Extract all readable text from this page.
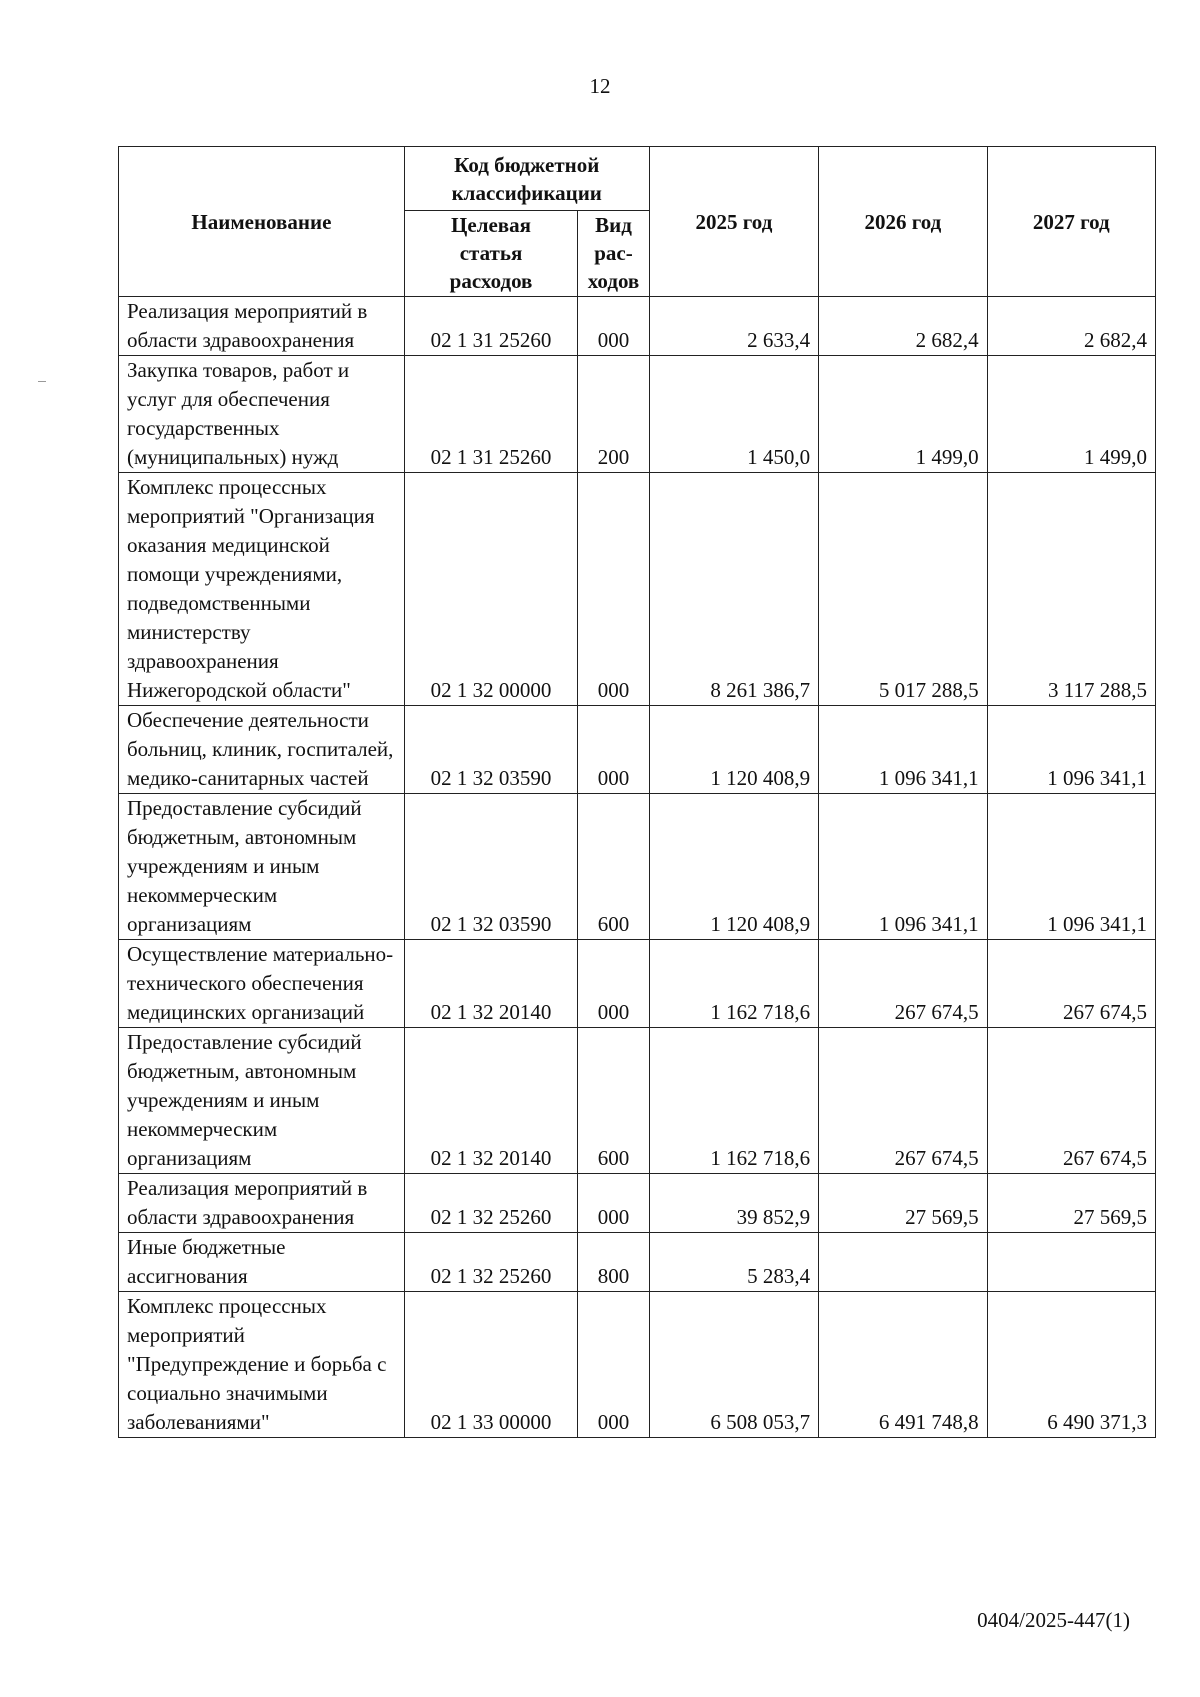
12
Наименование	Код бюджетной классификации		2025 год	2026 год	2027 год
	Целевая статья расходов	Вид рас-ходов			
Реализация мероприятий в области здравоохранения	02 1 31 25260	000	2 633,4	2 682,4	2 682,4
Закупка товаров, работ и услуг для обеспечения государственных (муниципальных) нужд	02 1 31 25260	200	1 450,0	1 499,0	1 499,0
Комплекс процессных мероприятий "Организация оказания медицинской помощи учреждениями, подведомственными министерству здравоохранения Нижегородской области"	02 1 32 00000	000	8 261 386,7	5 017 288,5	3 117 288,5
Обеспечение деятельности больниц, клиник, госпиталей, медико-санитарных частей	02 1 32 03590	000	1 120 408,9	1 096 341,1	1 096 341,1
Предоставление субсидий бюджетным, автономным учреждениям и иным некоммерческим организациям	02 1 32 03590	600	1 120 408,9	1 096 341,1	1 096 341,1
Осуществление материально-технического обеспечения медицинских организаций	02 1 32 20140	000	1 162 718,6	267 674,5	267 674,5
Предоставление субсидий бюджетным, автономным учреждениям и иным некоммерческим организациям	02 1 32 20140	600	1 162 718,6	267 674,5	267 674,5
Реализация мероприятий в области здравоохранения	02 1 32 25260	000	39 852,9	27 569,5	27 569,5
Иные бюджетные ассигнования	02 1 32 25260	800	5 283,4		
Комплекс процессных мероприятий "Предупреждение и борьба с социально значимыми заболеваниями"	02 1 33 00000	000	6 508 053,7	6 491 748,8	6 490 371,3
0404/2025-447(1)
